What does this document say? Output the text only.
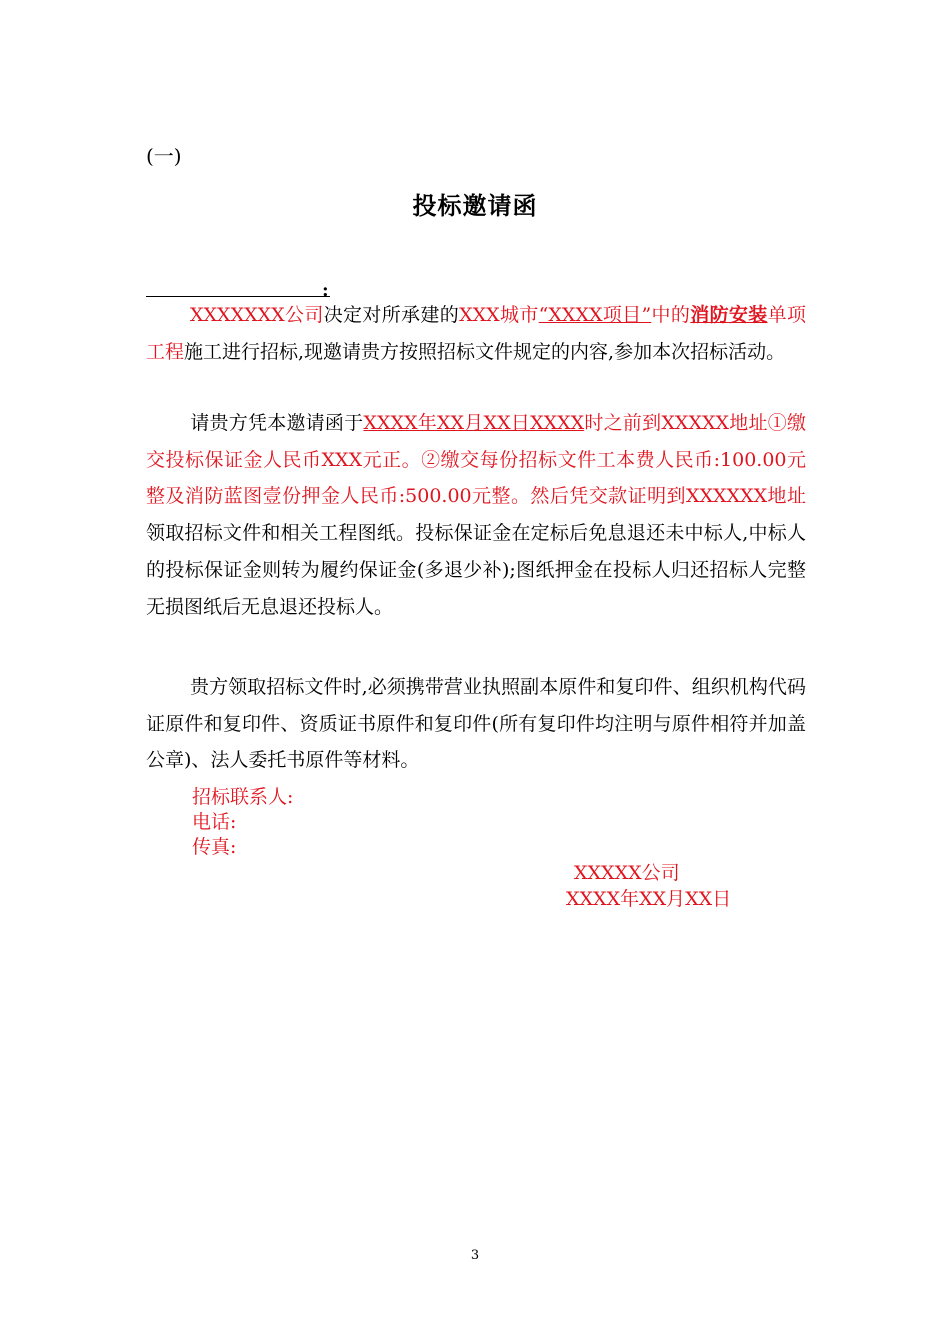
(一)
投标邀请函
:
XXXXXXX公司决定对所承建的XXX城市“XXXX项目”中的消防安装单项工程施工进行招标,现邀请贵方按照招标文件规定的内容,参加本次招标活动。
请贵方凭本邀请函于XXXX年XX月XX日XXXX时之前到XXXXX地址①缴交投标保证金人民币XXX元正。②缴交每份招标文件工本费人民币:100.00元整及消防蓝图壹份押金人民币:500.00元整。然后凭交款证明到XXXXXX地址领取招标文件和相关工程图纸。投标保证金在定标后免息退还未中标人,中标人的投标保证金则转为履约保证金(多退少补);图纸押金在投标人归还招标人完整无损图纸后无息退还投标人。
贵方领取招标文件时,必须携带营业执照副本原件和复印件、组织机构代码证原件和复印件、资质证书原件和复印件(所有复印件均注明与原件相符并加盖公章)、法人委托书原件等材料。
招标联系人:
电话:
传真:
XXXXX公司
XXXX年XX月XX日
3
